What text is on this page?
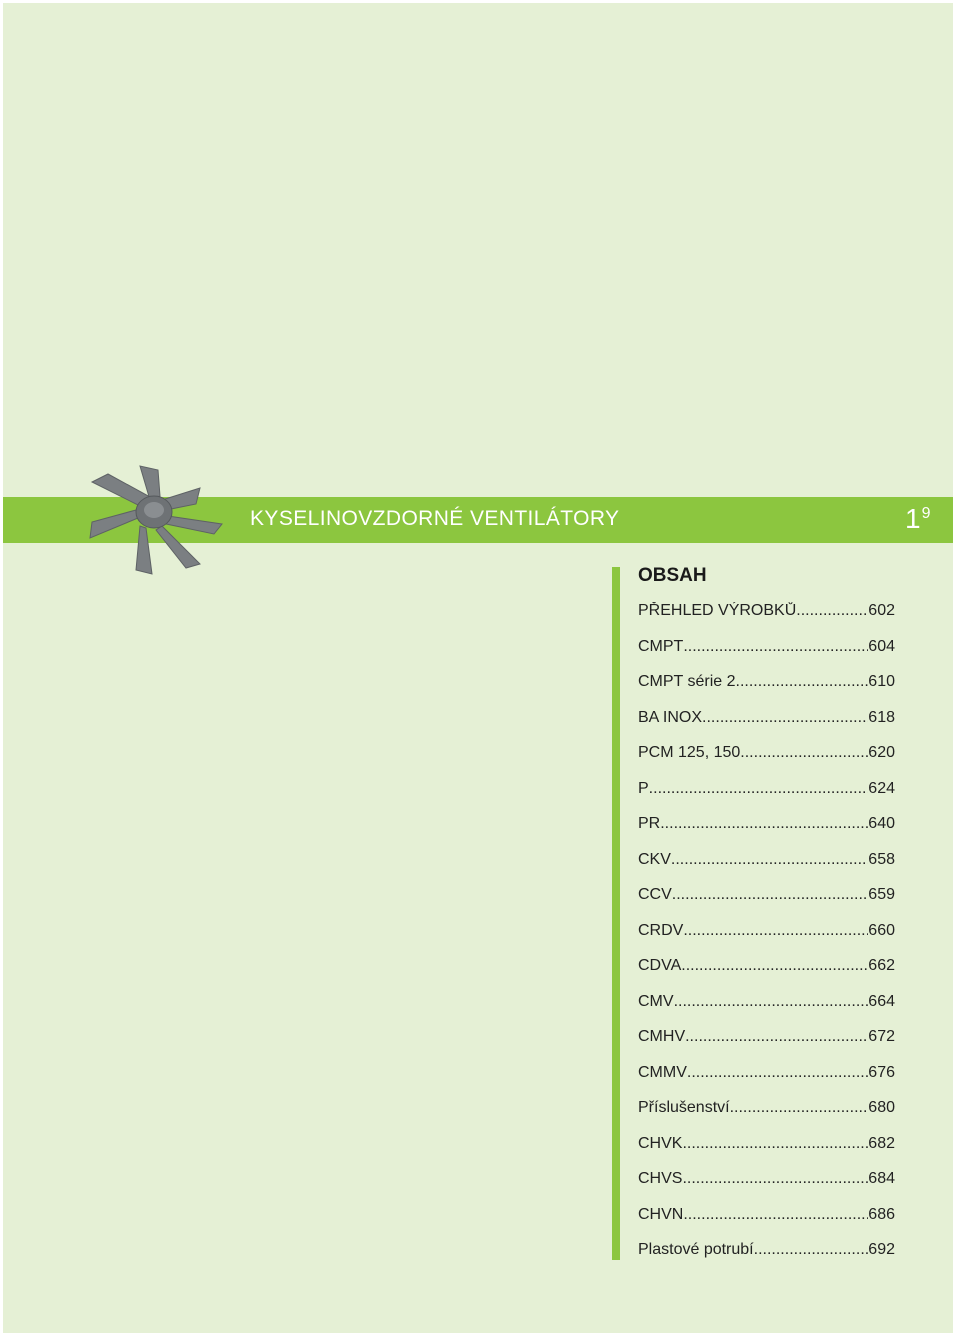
KYSELINOVZDORNÉ VENTILÁTORY	19
OBSAH
PŘEHLED VÝROBKŮ .....	602
CMPT .....	604
CMPT série 2 .....	610
BA INOX .....	618
PCM 125, 150 .....	620
P .....	624
PR .....	640
CKV .....	658
CCV .....	659
CRDV .....	660
CDVA .....	662
CMV .....	664
CMHV .....	672
CMMV .....	676
Příslušenství .....	680
CHVK .....	682
CHVS .....	684
CHVN .....	686
Plastové potrubí .....	692
